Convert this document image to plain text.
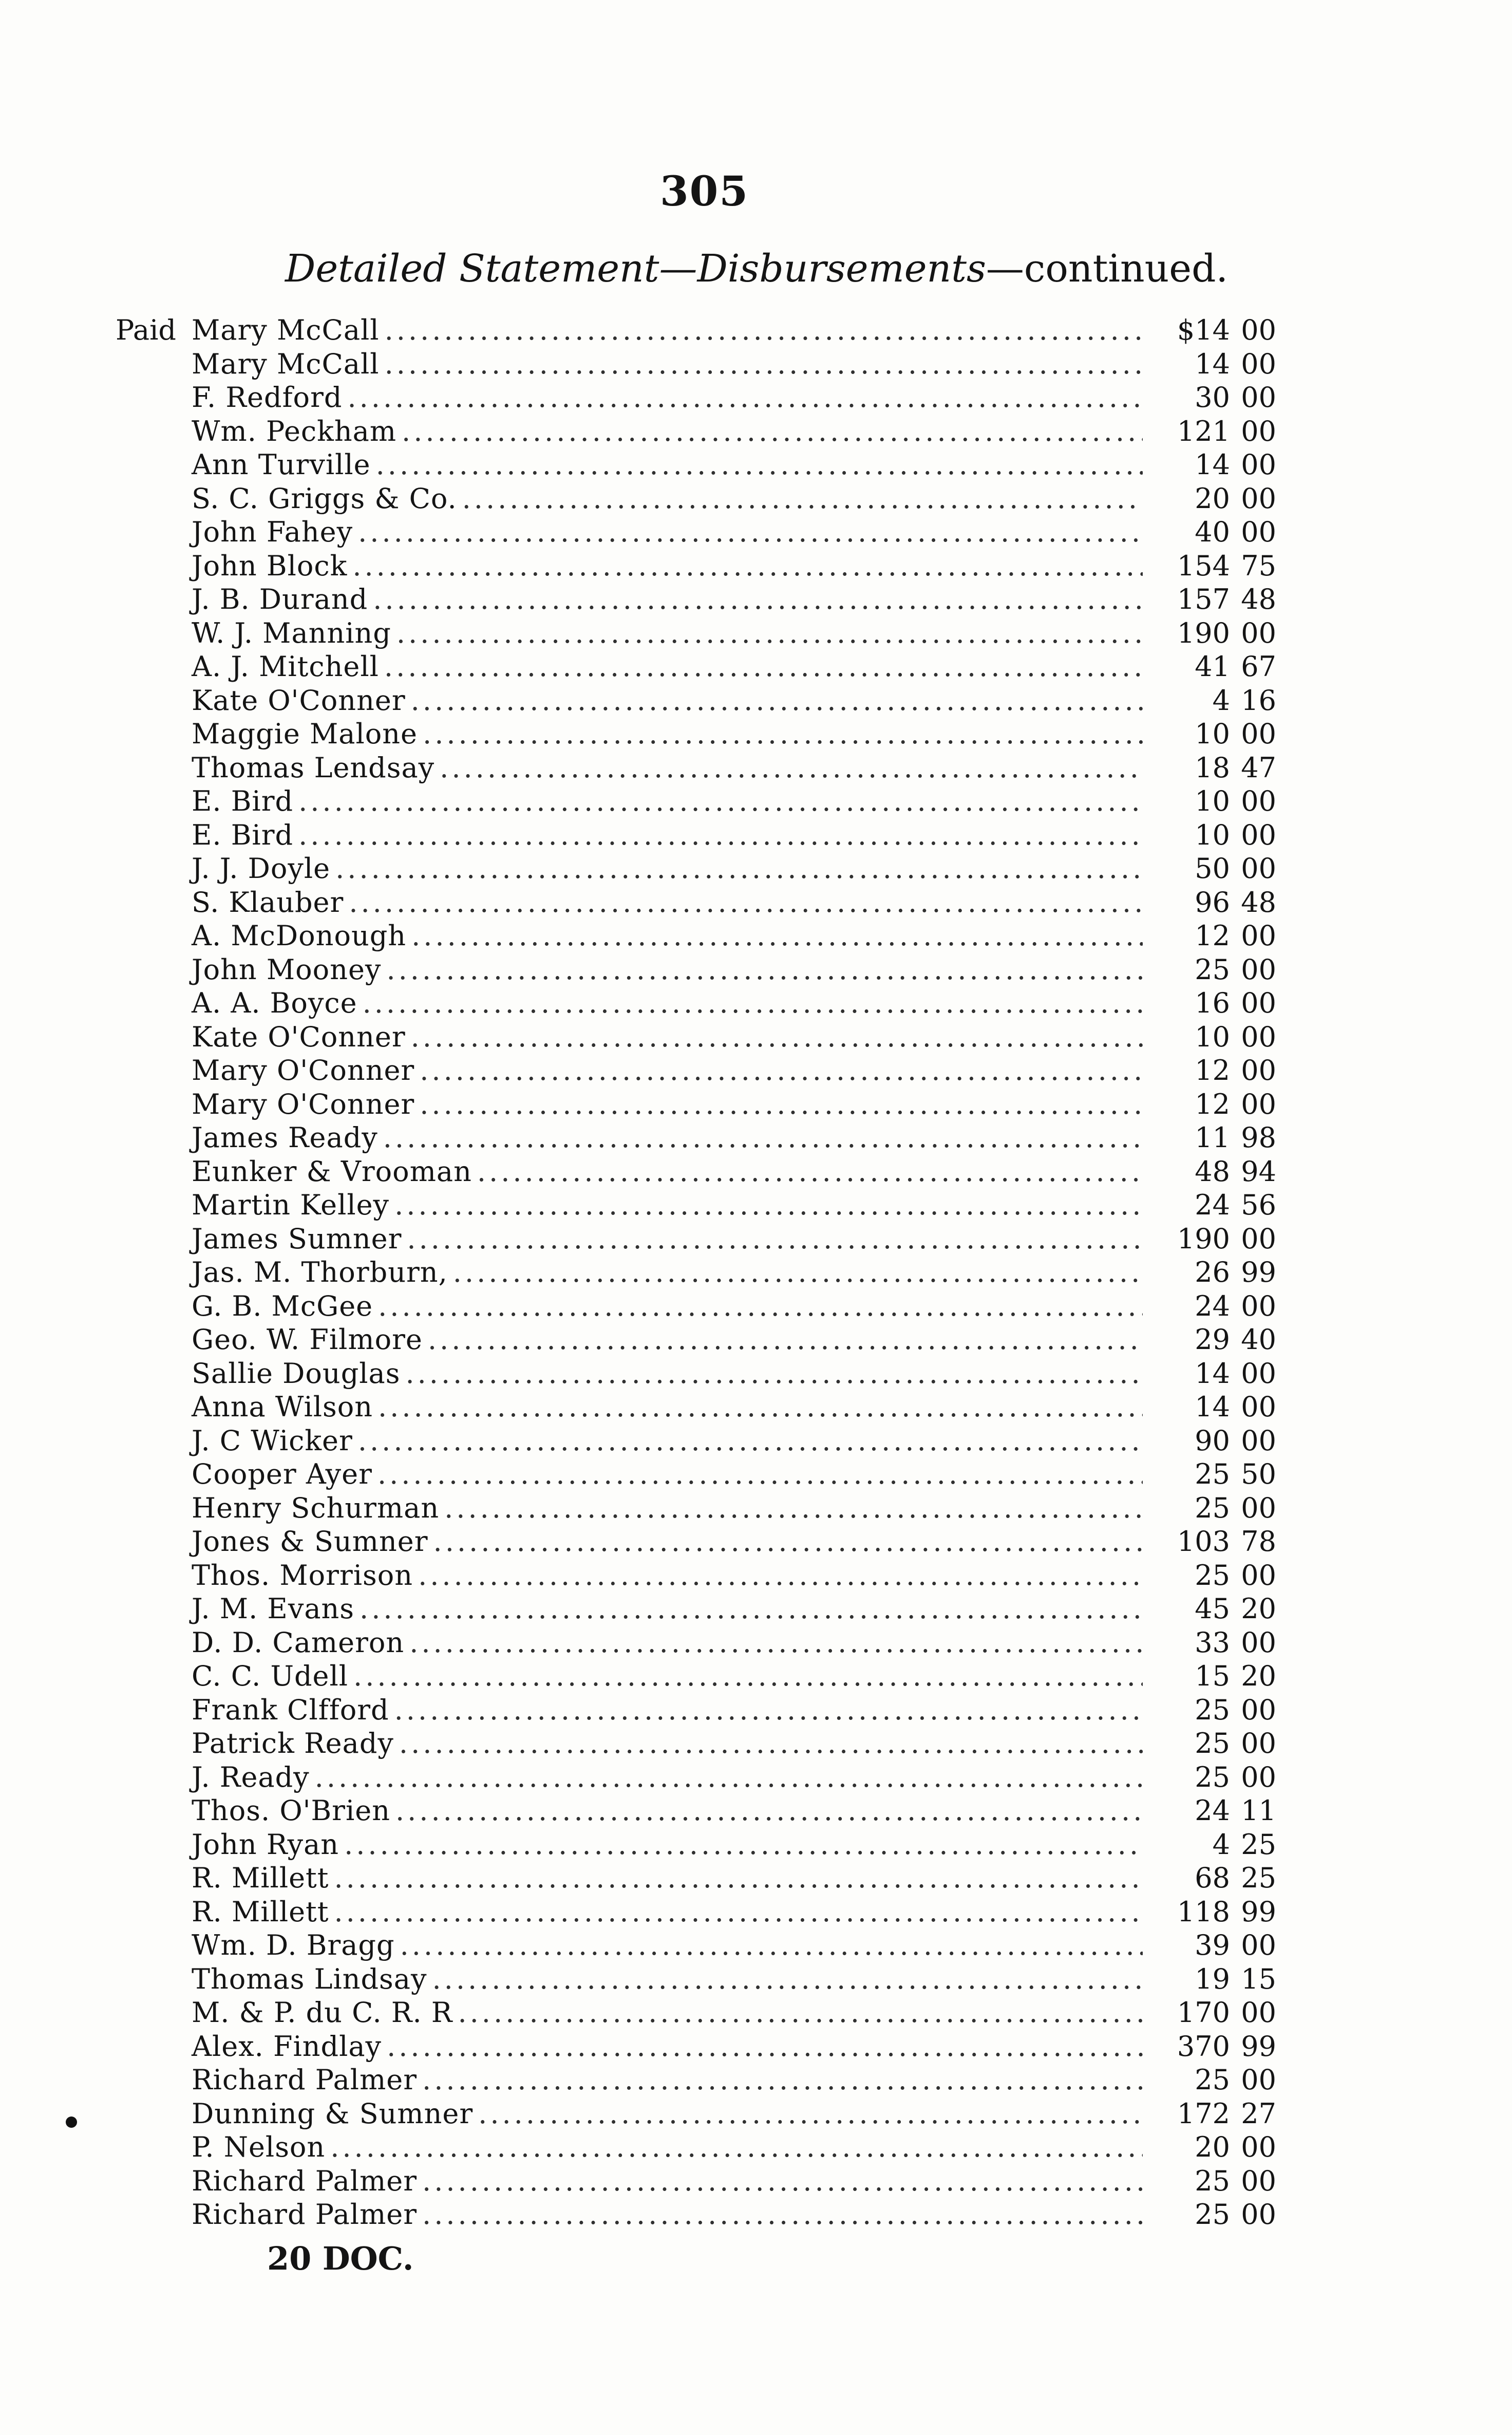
305
Detailed Statement—Disbursements—continued.
Paid Mary McCall .....	$14 00
Mary McCall .....	14 00
F. Redford .....	30 00
Wm. Peckham .....	121 00
Ann Turville .....	14 00
S. C. Griggs & Co. .....	20 00
John Fahey .....	40 00
John Block .....	154 75
J. B. Durand .....	157 48
W. J. Manning .....	190 00
A. J. Mitchell .....	41 67
Kate O'Conner .....	4 16
Maggie Malone .....	10 00
Thomas Lendsay .....	18 47
E. Bird .....	10 00
E. Bird .....	10 00
J. J. Doyle .....	50 00
S. Klauber .....	96 48
A. McDonough .....	12 00
John Mooney .....	25 00
A. A. Boyce .....	16 00
Kate O'Conner .....	10 00
Mary O'Conner .....	12 00
Mary O'Conner .....	12 00
James Ready .....	11 98
Eunker & Vrooman .....	48 94
Martin Kelley .....	24 56
James Sumner .....	190 00
Jas. M. Thorburn, .....	26 99
G. B. McGee .....	24 00
Geo. W. Filmore .....	29 40
Sallie Douglas .....	14 00
Anna Wilson .....	14 00
J. C Wicker .....	90 00
Cooper Ayer .....	25 50
Henry Schurman .....	25 00
Jones & Sumner .....	103 78
Thos. Morrison .....	25 00
J. M. Evans .....	45 20
D. D. Cameron .....	33 00
C. C. Udell .....	15 20
Frank Clfford .....	25 00
Patrick Ready .....	25 00
J. Ready .....	25 00
Thos. O'Brien .....	24 11
John Ryan .....	4 25
R. Millett .....	68 25
R. Millett .....	118 99
Wm. D. Bragg .....	39 00
Thomas Lindsay .....	19 15
M. & P. du C. R. R .....	170 00
Alex. Findlay .....	370 99
Richard Palmer .....	25 00
Dunning & Sumner .....	172 27
P. Nelson .....	20 00
Richard Palmer .....	25 00
Richard Palmer .....	25 00
20 DOC.
